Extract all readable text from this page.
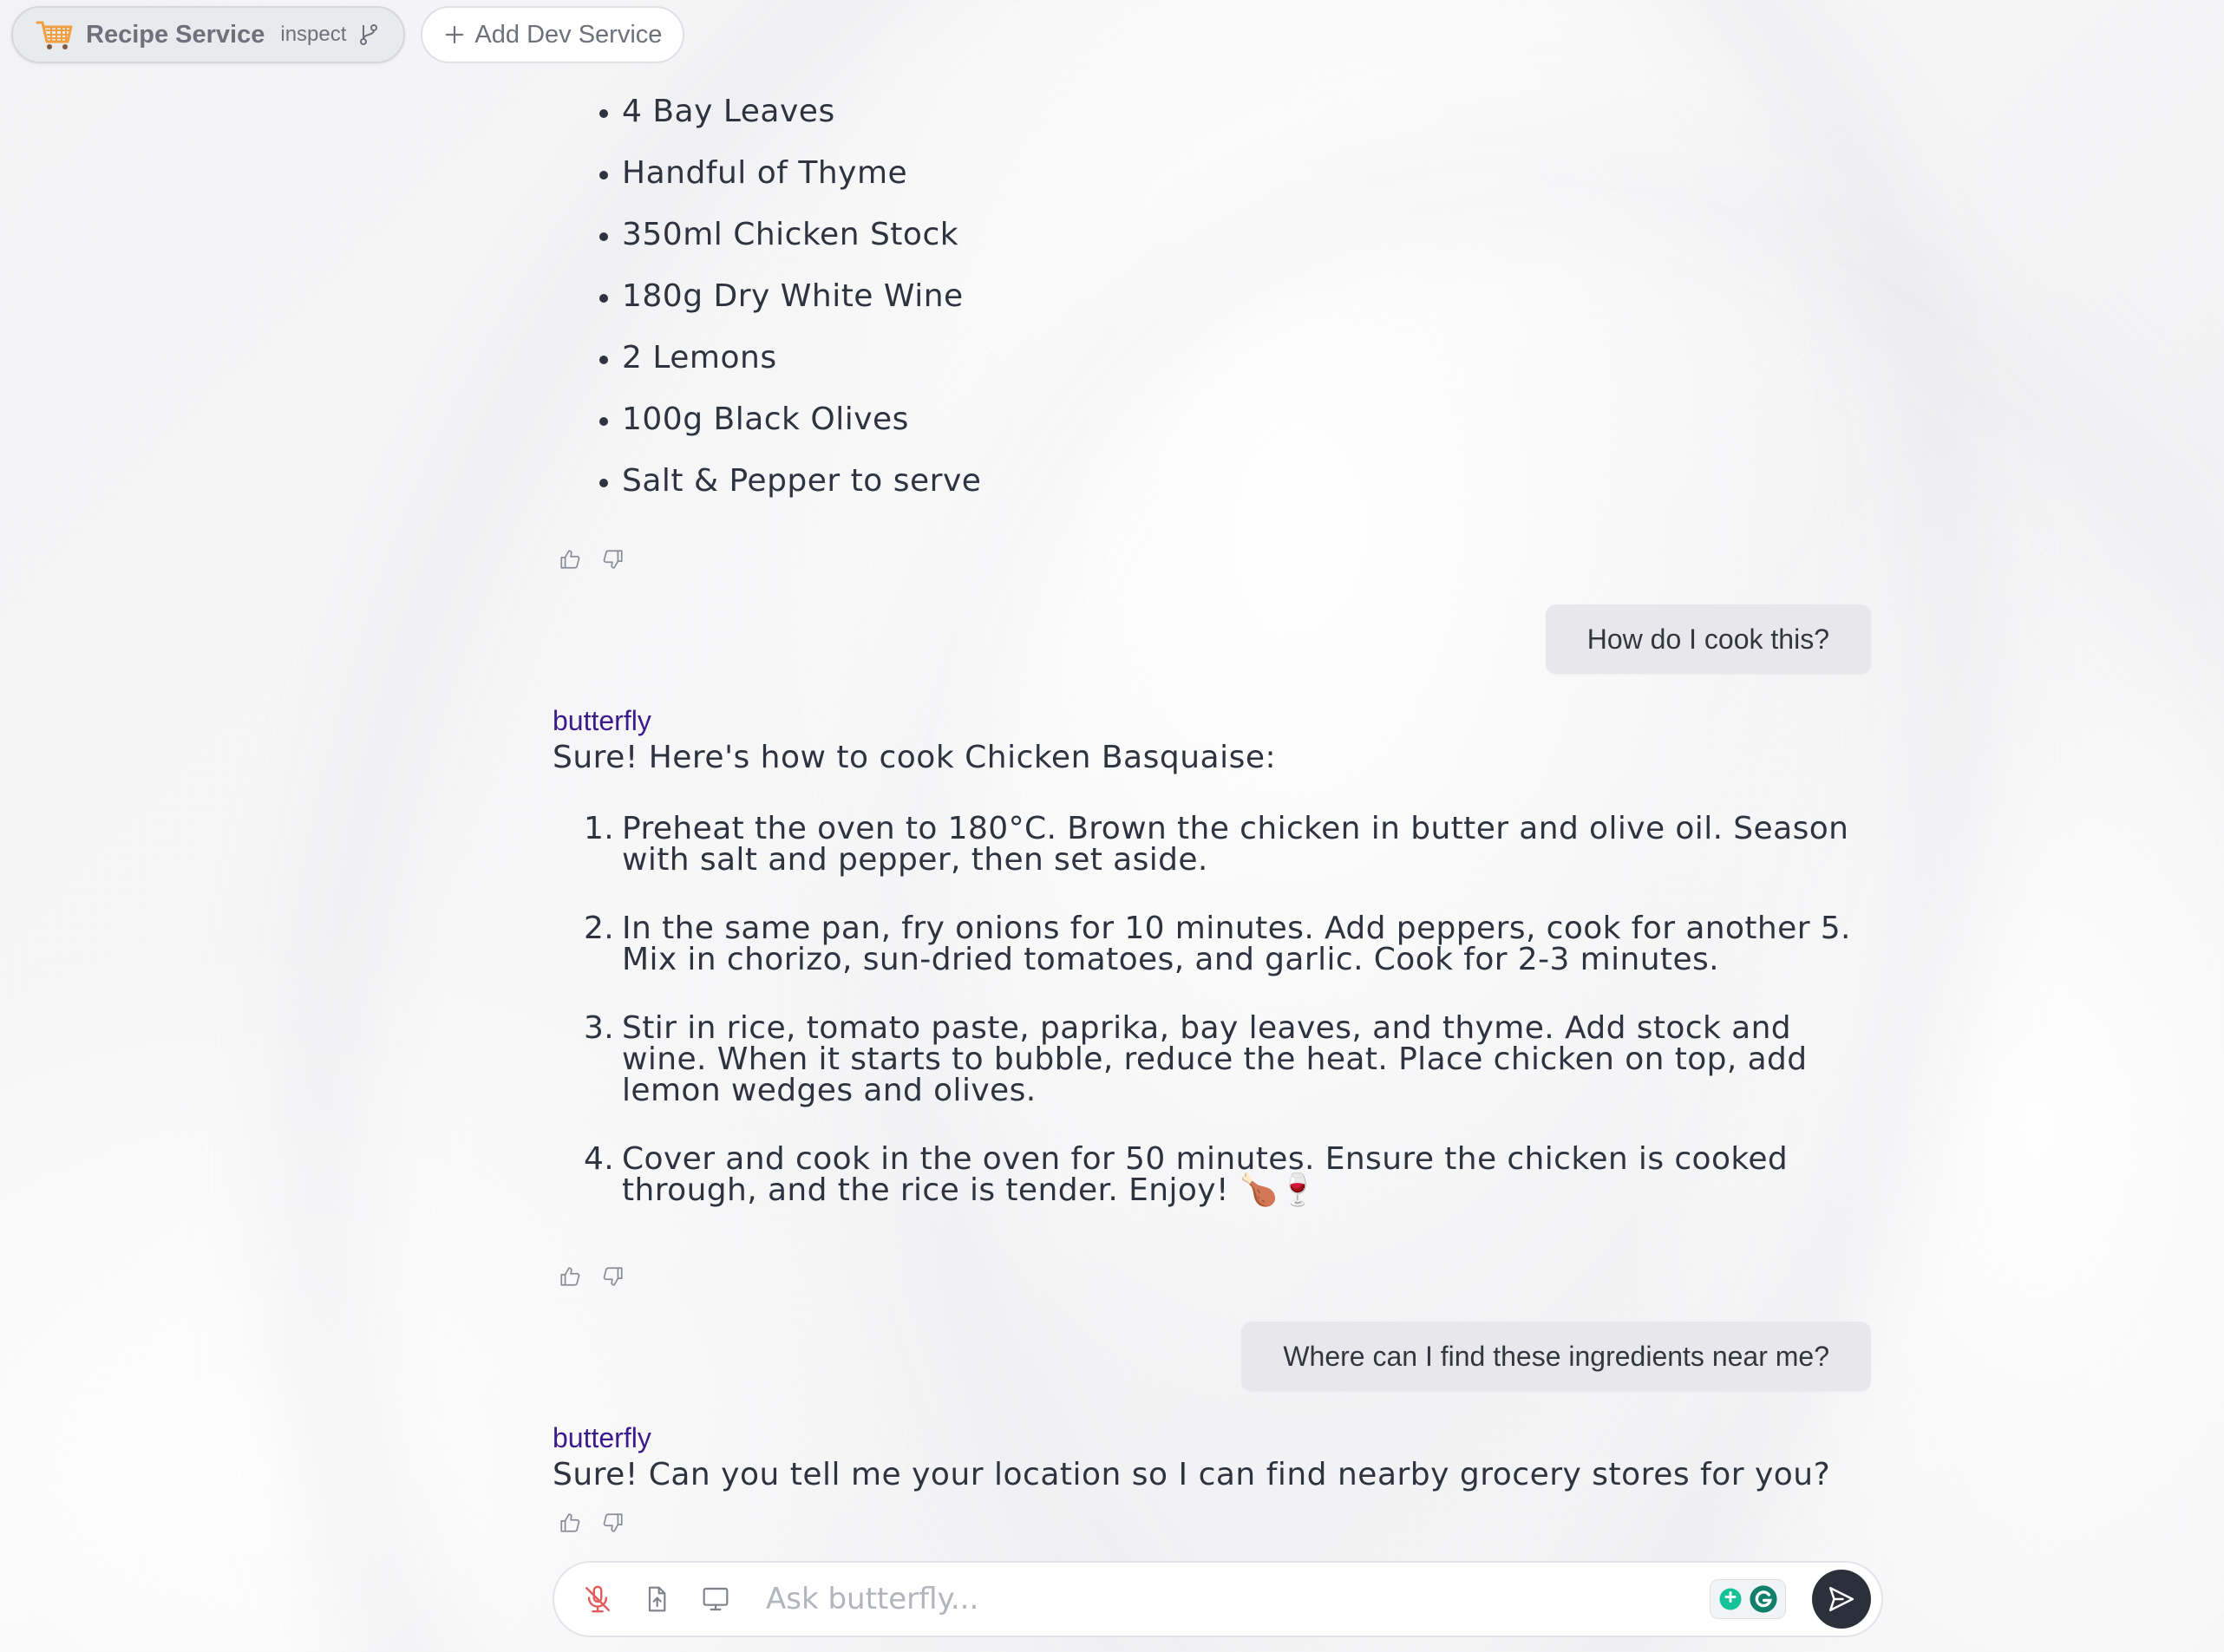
Recipe Service inspect	Add Dev Service
4 Bay Leaves
Handful of Thyme
350ml Chicken Stock
180g Dry White Wine
2 Lemons
100g Black Olives
Salt & Pepper to serve
How do I cook this?
butterfly
Sure! Here's how to cook Chicken Basquaise:
1. Preheat the oven to 180°C. Brown the chicken in butter and olive oil. Season with salt and pepper, then set aside.
2. In the same pan, fry onions for 10 minutes. Add peppers, cook for another 5. Mix in chorizo, sun-dried tomatoes, and garlic. Cook for 2-3 minutes.
3. Stir in rice, tomato paste, paprika, bay leaves, and thyme. Add stock and wine. When it starts to bubble, reduce the heat. Place chicken on top, add lemon wedges and olives.
4. Cover and cook in the oven for 50 minutes. Ensure the chicken is cooked through, and the rice is tender. Enjoy! 🍗🍷
Where can I find these ingredients near me?
butterfly
Sure! Can you tell me your location so I can find nearby grocery stores for you?
Ask butterfly...
